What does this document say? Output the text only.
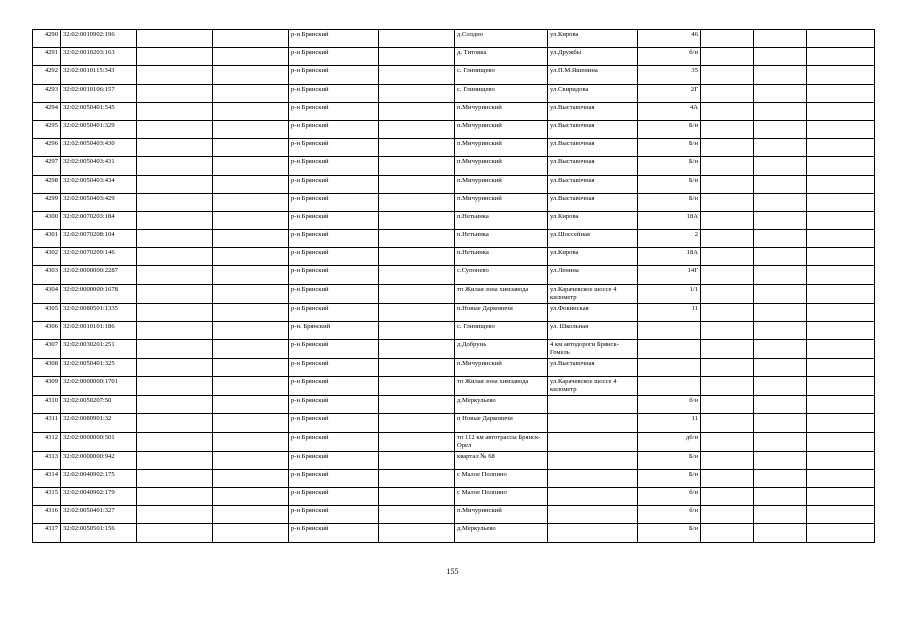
4290	32:02:0010902:196			р-н Брянский		д.Солдно	ул.Кирова	46			
4291	32:02:0010203:163			р-н Брянский		д. Титовка	ул.Дружбы	б/н			
4292	32:02:0010115:343			р-н Брянский		с. Глинищево	ул.П.М.Яшенина	35			
4293	32:02:0010106:157			р-н Брянский		с. Глинищево	ул.Свиридова	2Г			
4294	32:02:0050401:545			р-н Брянский		п.Мичуринский	ул.Выставочная	4А			
4295	32:02:0050401:329			р-н Брянский		п.Мичуринский	ул.Выставочная	Б/н			
4296	32:02:0050403:430			р-н Брянский		п.Мичуринский	ул.Выставочная	Б/н			
4297	32:02:0050403:431			р-н Брянский		п.Мичуринский	ул.Выставочная	Б/н			
4298	32:02:0050403:434			р-н Брянский		п.Мичуринский	ул.Выставочная	Б/н			
4299	32:02:0050403:429			р-н Брянский		п.Мичуринский	ул.Выставочная	Б/н			
4300	32:02:0070203:184			р-н Брянский		п.Нетьинка	ул.Кирова	18А			
4301	32:02:0070208:104			р-н Брянский		п.Нетьинка	ул.Шоссейная	2			
4302	32:02:0070209:146			р-н Брянский		п.Нетьинка	ул.Кирова	18А			
4303	32:02:0000000:2287			р-н Брянский		с.Супонево	ул.Ленина	14Г			
4304	32:02:0000000:1678			р-н Брянский		тп Жилая зона химзавода	ул.Карачевское шоссе 4 километр	1/1			
4305	32:02:0080501:1335			р-н Брянский		п.Новые Дарковичи	ул.Фокинская	11			
4306	32:02:0010101:186			р-н. Брянский		с. Глинищево	ул. Школьная				
4307	32:02:0030201:251			р-н Брянский		д.Добрунь	4 км автодороги Брянск-Гомель				
4308	32:02:0050401:325			р-н Брянский		п.Мичуринский	ул.Выставочная				
4309	32:02:0000000:1701			р-н Брянский		тп Жилая зона химзавода	ул.Карачевское шоссе 4 километр				
4310	32:02:0050207:50			р-н Брянский		д.Меркульево		б/н			
4311	32:02:0080901:32			р-н Брянский		п Новые Дарковичи		11			
4312	32:02:0000000:501			р-н Брянский		тп 112 км автотрассы Брянск-Орел		дб/н			
4313	32:02:0000000:942			р-н Брянский		квартал № 68		Б/н			
4314	32:02:0040902:175			р-н Брянский		с Малое Полпино		Б/н			
4315	32:02:0040902:179			р-н Брянский		с Малое Полпино		б/н			
4316	32:02:0050401:327			р-н Брянский		п.Мичуринский		б/н			
4317	32:02:0050501:156			р-н Брянский		д.Меркульево		Б/н			
155
